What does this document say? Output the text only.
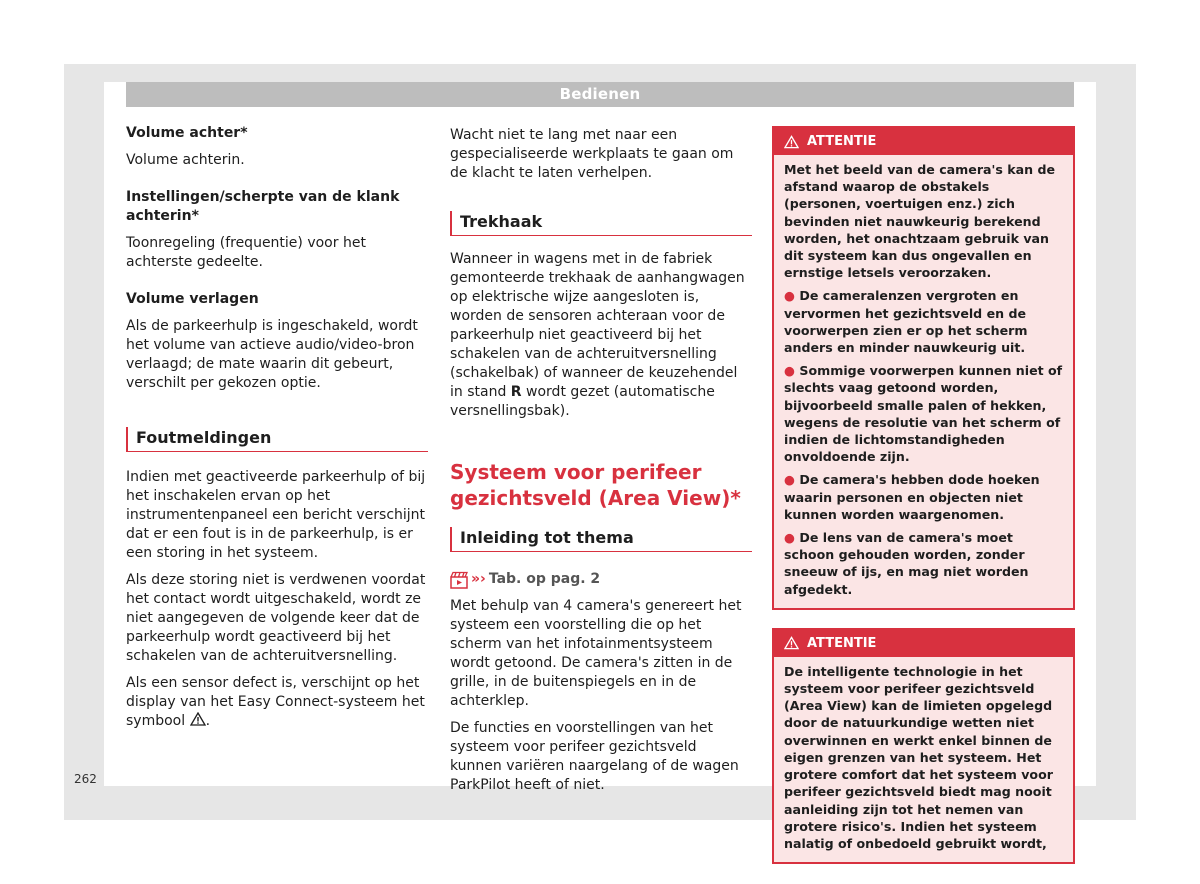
Bedienen

Volume achter*

Volume achterin.

Instellingen/scherpte van de klank achterin*

Toonregeling (frequentie) voor het achterste gedeelte.

Volume verlagen

Als de parkeerhulp is ingeschakeld, wordt het volume van actieve audio/video-bron verlaagd; de mate waarin dit gebeurt, verschilt per gekozen optie.

Foutmeldingen

Indien met geactiveerde parkeerhulp of bij het inschakelen ervan op het instrumentenpaneel een bericht verschijnt dat er een fout is in de parkeerhulp, is er een storing in het systeem.

Als deze storing niet is verdwenen voordat het contact wordt uitgeschakeld, wordt ze niet aangegeven de volgende keer dat de parkeerhulp wordt geactiveerd bij het schakelen van de achteruitversnelling.

Als een sensor defect is, verschijnt op het display van het Easy Connect-systeem het symbool .

Wacht niet te lang met naar een gespecialiseerde werkplaats te gaan om de klacht te laten verhelpen.

Trekhaak

Wanneer in wagens met in de fabriek gemonteerde trekhaak de aanhangwagen op elektrische wijze aangesloten is, worden de sensoren achteraan voor de parkeerhulp niet geactiveerd bij het schakelen van de achteruitversnelling (schakelbak) of wanneer de keuzehendel in stand R wordt gezet (automatische versnellingsbak).

Systeem voor perifeer gezichtsveld (Area View)*
Inleiding tot thema
»› Tab. op pag. 2

Met behulp van 4 camera's genereert het systeem een voorstelling die op het scherm van het infotainmentsysteem wordt getoond. De camera's zitten in de grille, in de buitenspiegels en in de achterklep.

De functies en voorstellingen van het systeem voor perifeer gezichtsveld kunnen variëren naargelang of de wagen ParkPilot heeft of niet.

ATTENTIE

Met het beeld van de camera's kan de afstand waarop de obstakels (personen, voertuigen enz.) zich bevinden niet nauwkeurig berekend worden, het onachtzaam gebruik van dit systeem kan dus ongevallen en ernstige letsels veroorzaken.

● De cameralenzen vergroten en vervormen het gezichtsveld en de voorwerpen zien er op het scherm anders en minder nauwkeurig uit.

● Sommige voorwerpen kunnen niet of slechts vaag getoond worden, bijvoorbeeld smalle palen of hekken, wegens de resolutie van het scherm of indien de lichtomstandigheden onvoldoende zijn.

● De camera's hebben dode hoeken waarin personen en objecten niet kunnen worden waargenomen.

● De lens van de camera's moet schoon gehouden worden, zonder sneeuw of ijs, en mag niet worden afgedekt.

ATTENTIE

De intelligente technologie in het systeem voor perifeer gezichtsveld (Area View) kan de limieten opgelegd door de natuurkundige wetten niet overwinnen en werkt enkel binnen de eigen grenzen van het systeem. Het grotere comfort dat het systeem voor perifeer gezichtsveld biedt mag nooit aanleiding zijn tot het nemen van grotere risico's. Indien het systeem nalatig of onbedoeld gebruikt wordt,

262
